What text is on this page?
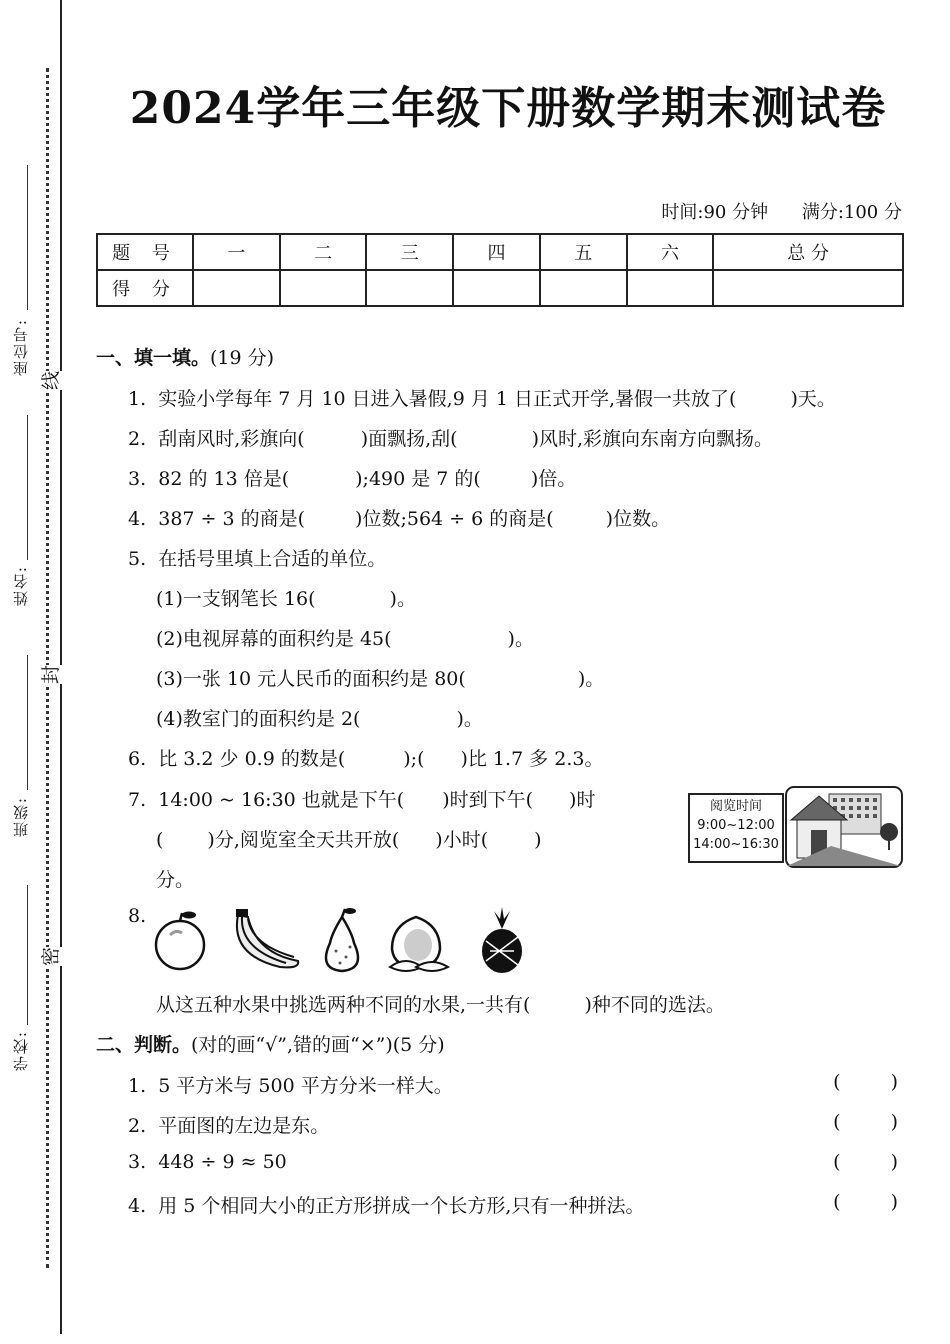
座位号:
姓名:
班级:
学校:
线
封
密
2024学年三年级下册数学期末测试卷
时间:90 分钟 满分:100 分
题 号	一	二	三	四	五	六	总 分
得 分							
一、填一填。(19 分)
1. 实验小学每年 7 月 10 日进入暑假,9 月 1 日正式开学,暑假一共放了(	)天。
2. 刮南风时,彩旗向(	)面飘扬,刮(	)风时,彩旗向东南方向飘扬。
3. 82 的 13 倍是(	);490 是 7 的(	)倍。
4. 387 ÷ 3 的商是(	)位数;564 ÷ 6 的商是(	)位数。
5. 在括号里填上合适的单位。
(1)一支钢笔长 16(	)。
(2)电视屏幕的面积约是 45(	)。
(3)一张 10 元人民币的面积约是 80(	)。
(4)教室门的面积约是 2(	)。
6. 比 3.2 少 0.9 的数是(	);( )比 1.7 多 2.3。
7. 14:00 ~ 16:30 也就是下午( )时到下午( )时
( )分,阅览室全天共开放( )小时( )
分。
阅览时间
9:00~12:00
14:00~16:30
8.
从这五种水果中挑选两种不同的水果,一共有(	)种不同的选法。
二、判断。(对的画“√”,错的画“×”)(5 分)
1. 5 平方米与 500 平方分米一样大。	(	)
2. 平面图的左边是东。	(	)
3. 448 ÷ 9 ≈ 50	(	)
4. 用 5 个相同大小的正方形拼成一个长方形,只有一种拼法。	(	)
